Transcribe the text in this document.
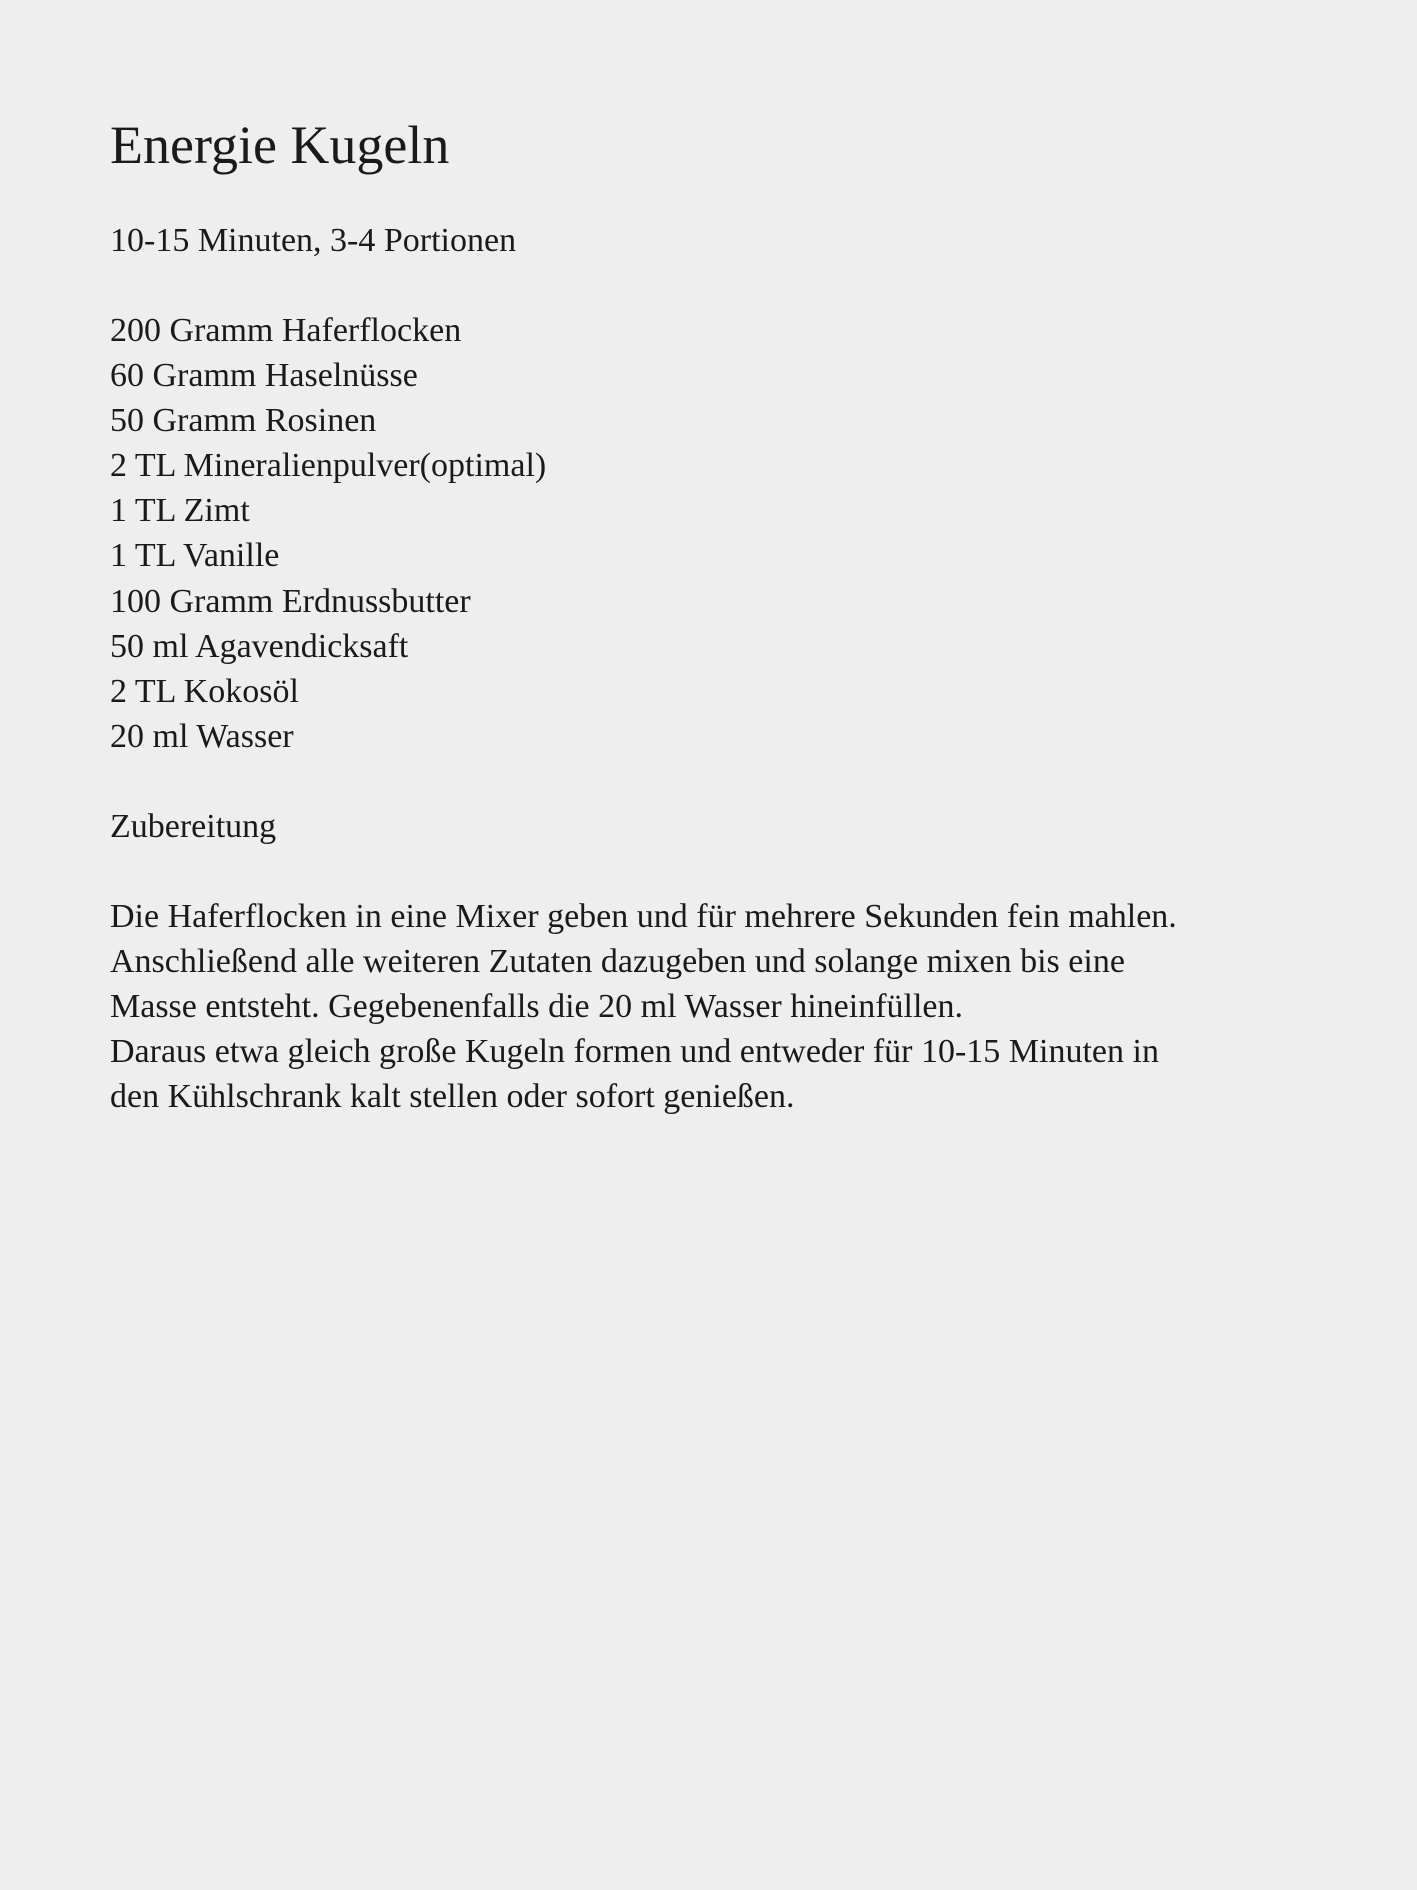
Energie Kugeln

10-15 Minuten, 3-4 Portionen

200 Gramm Haferflocken
60 Gramm Haselnüsse
50 Gramm Rosinen
2 TL Mineralienpulver(optimal)
1 TL Zimt
1 TL Vanille
100 Gramm Erdnussbutter
50 ml Agavendicksaft
2 TL Kokosöl
20 ml Wasser
Zubereitung

Die Haferflocken in eine Mixer geben und für mehrere Sekunden fein mahlen.

Anschließend alle weiteren Zutaten dazugeben und solange mixen bis eine

Masse entsteht. Gegebenenfalls die 20 ml Wasser hineinfüllen.

Daraus etwa gleich große Kugeln formen und entweder für 10-15 Minuten in

den Kühlschrank kalt stellen oder sofort genießen.
